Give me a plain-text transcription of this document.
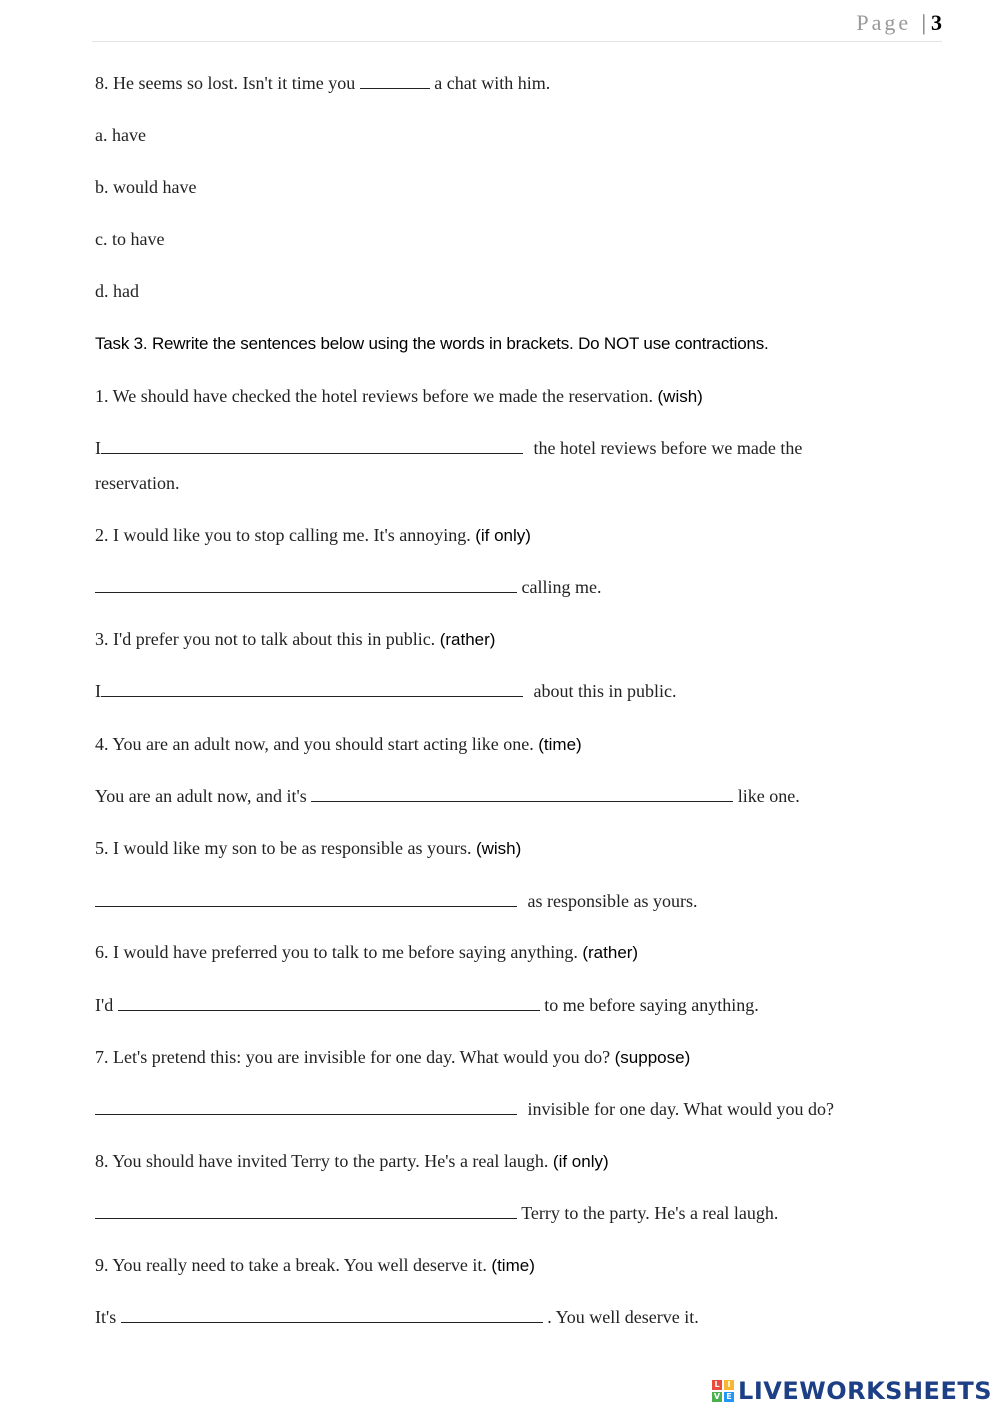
Page |3
8. He seems so lost. Isn't it time you	a chat with him.
a. have
b. would have
c. to have
d. had
Task 3. Rewrite the sentences below using the words in brackets. Do NOT use contractions.
1. We should have checked the hotel reviews before we made the reservation. (wish)
I	the hotel reviews before we made the
reservation.
2. I would like you to stop calling me. It's annoying. (if only)
calling me.
3. I'd prefer you not to talk about this in public. (rather)
I	about this in public.
4. You are an adult now, and you should start acting like one. (time)
You are an adult now, and it's	like one.
5. I would like my son to be as responsible as yours. (wish)
as responsible as yours.
6. I would have preferred you to talk to me before saying anything. (rather)
I'd	to me before saying anything.
7. Let's pretend this: you are invisible for one day. What would you do? (suppose)
invisible for one day. What would you do?
8. You should have invited Terry to the party. He's a real laugh. (if only)
Terry to the party. He's a real laugh.
9. You really need to take a break. You well deserve it. (time)
It's	. You well deserve it.
L I
V E LIVEWORKSHEETS
